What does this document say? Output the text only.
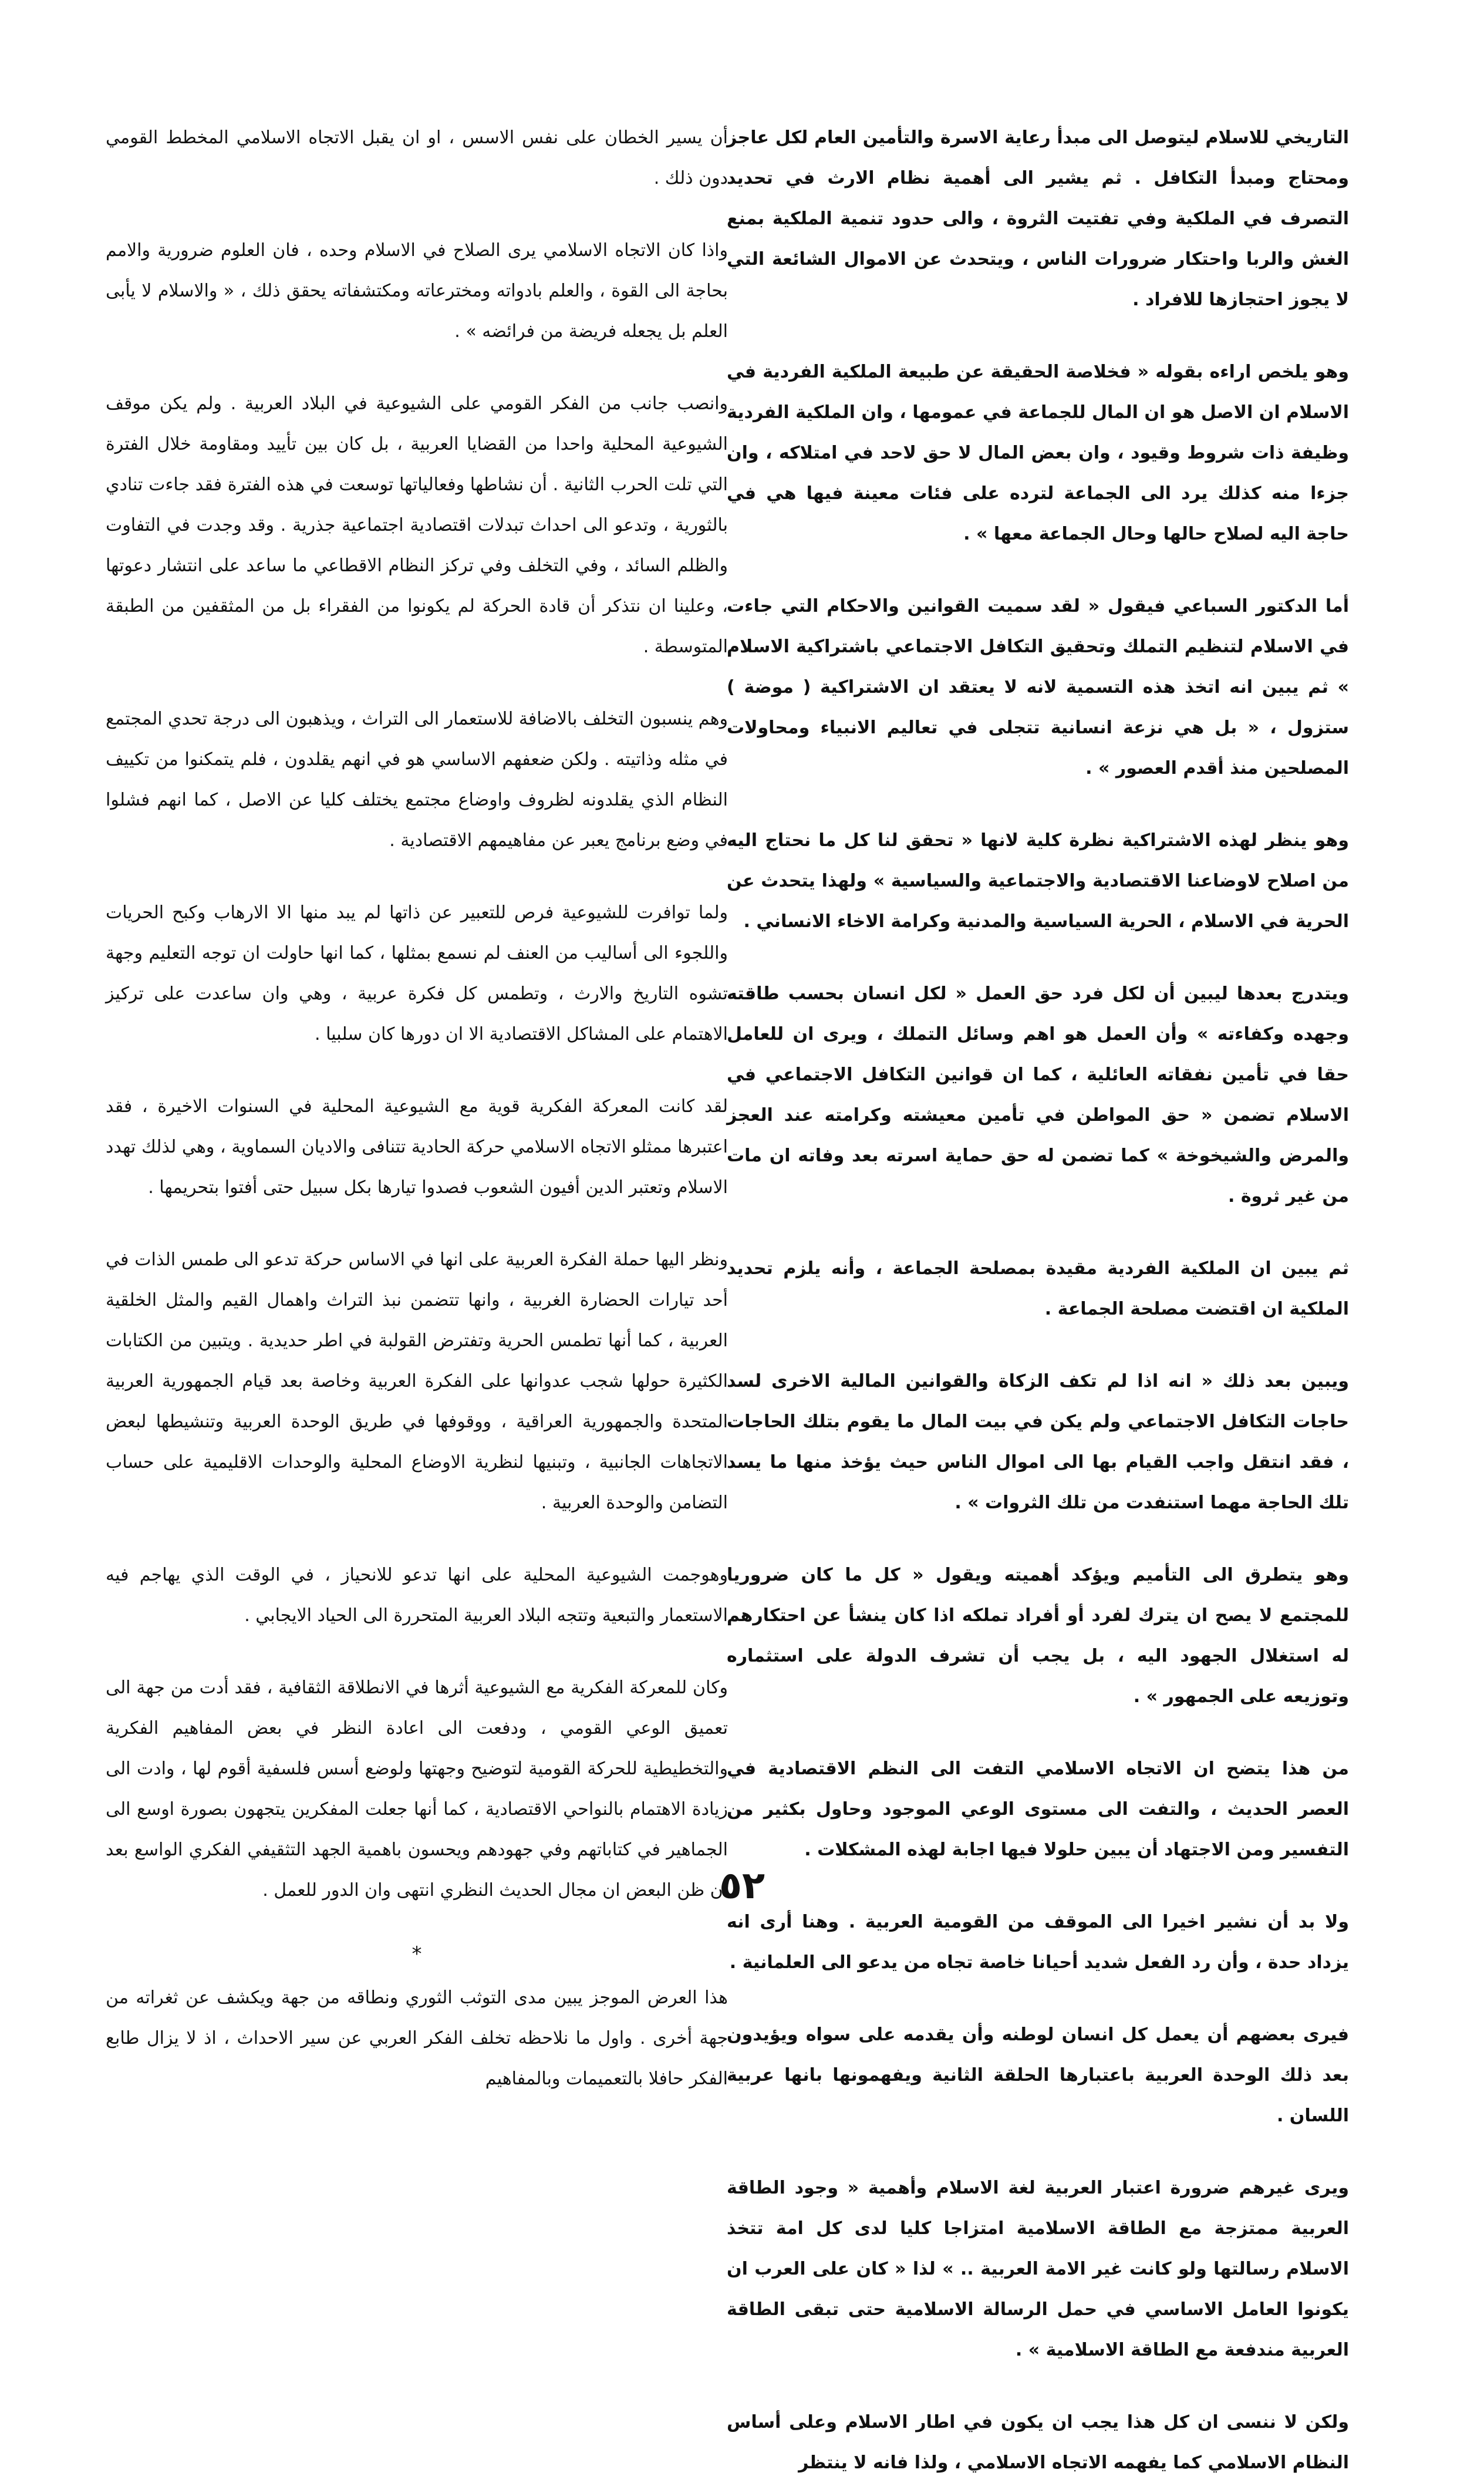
التاريخي للاسلام ليتوصل الى مبدأ رعاية الاسرة والتأمين العام لكل عاجز ومحتاج ومبدأ التكافل . ثم يشير الى أهمية نظام الارث في تحديد التصرف في الملكية وفي تفتيت الثروة ، والى حدود تنمية الملكية بمنع الغش والربا واحتكار ضرورات الناس ، ويتحدث عن الاموال الشائعة التي لا يجوز احتجازها للافراد .

وهو يلخص اراءه بقوله « فخلاصة الحقيقة عن طبيعة الملكية الفردية في الاسلام ان الاصل هو ان المال للجماعة في عمومها ، وان الملكية الفردية وظيفة ذات شروط وقيود ، وان بعض المال لا حق لاحد في امتلاكه ، وان جزءا منه كذلك يرد الى الجماعة لترده على فئات معينة فيها هي في حاجة اليه لصلاح حالها وحال الجماعة معها » .

أما الدكتور السباعي فيقول « لقد سميت القوانين والاحكام التي جاءت في الاسلام لتنظيم التملك وتحقيق التكافل الاجتماعي باشتراكية الاسلام » ثم يبين انه اتخذ هذه التسمية لانه لا يعتقد ان الاشتراكية ( موضة ) ستزول ، « بل هي نزعة انسانية تتجلى في تعاليم الانبياء ومحاولات المصلحين منذ أقدم العصور » .

وهو ينظر لهذه الاشتراكية نظرة كلية لانها « تحقق لنا كل ما نحتاج اليه من اصلاح لاوضاعنا الاقتصادية والاجتماعية والسياسية » ولهذا يتحدث عن الحرية في الاسلام ، الحرية السياسية والمدنية وكرامة الاخاء الانساني .

ويتدرج بعدها ليبين أن لكل فرد حق العمل « لكل انسان بحسب طاقته وجهده وكفاءته » وأن العمل هو اهم وسائل التملك ، ويرى ان للعامل حقا في تأمين نفقاته العائلية ، كما ان قوانين التكافل الاجتماعي في الاسلام تضمن « حق المواطن في تأمين معيشته وكرامته عند العجز والمرض والشيخوخة » كما تضمن له حق حماية اسرته بعد وفاته ان مات من غير ثروة .

ثم يبين ان الملكية الفردية مقيدة بمصلحة الجماعة ، وأنه يلزم تحديد الملكية ان اقتضت مصلحة الجماعة .

ويبين بعد ذلك « انه اذا لم تكف الزكاة والقوانين المالية الاخرى لسد حاجات التكافل الاجتماعي ولم يكن في بيت المال ما يقوم بتلك الحاجات ، فقد انتقل واجب القيام بها الى اموال الناس حيث يؤخذ منها ما يسد تلك الحاجة مهما استنفدت من تلك الثروات » .

وهو يتطرق الى التأميم ويؤكد أهميته ويقول « كل ما كان ضروريا للمجتمع لا يصح ان يترك لفرد أو أفراد تملكه اذا كان ينشأ عن احتكارهم له استغلال الجهود اليه ، بل يجب أن تشرف الدولة على استثماره وتوزيعه على الجمهور » .

من هذا يتضح ان الاتجاه الاسلامي التفت الى النظم الاقتصادية في العصر الحديث ، والتفت الى مستوى الوعي الموجود وحاول بكثير من التفسير ومن الاجتهاد أن يبين حلولا فيها اجابة لهذه المشكلات .

ولا بد أن نشير اخيرا الى الموقف من القومية العربية . وهنا أرى انه يزداد حدة ، وأن رد الفعل شديد أحيانا خاصة تجاه من يدعو الى العلمانية .

فيرى بعضهم أن يعمل كل انسان لوطنه وأن يقدمه على سواه ويؤيدون بعد ذلك الوحدة العربية باعتبارها الحلقة الثانية ويفهمونها بانها عربية اللسان .

ويرى غيرهم ضرورة اعتبار العربية لغة الاسلام وأهمية « وجود الطاقة العربية ممتزجة مع الطاقة الاسلامية امتزاجا كليا لدى كل امة تتخذ الاسلام رسالتها ولو كانت غير الامة العربية .. » لذا « كان على العرب ان يكونوا العامل الاساسي في حمل الرسالة الاسلامية حتى تبقى الطاقة العربية مندفعة مع الطاقة الاسلامية » .

ولكن لا ننسى ان كل هذا يجب ان يكون في اطار الاسلام وعلى أساس النظام الاسلامي كما يفهمه الاتجاه الاسلامي ، ولذا فانه لا ينتظر

أن يسير الخطان على نفس الاسس ، او ان يقبل الاتجاه الاسلامي المخطط القومي دون ذلك .

واذا كان الاتجاه الاسلامي يرى الصلاح في الاسلام وحده ، فان العلوم ضرورية والامم بحاجة الى القوة ، والعلم بادواته ومخترعاته ومكتشفاته يحقق ذلك ، « والاسلام لا يأبى العلم بل يجعله فريضة من فرائضه » .

وانصب جانب من الفكر القومي على الشيوعية في البلاد العربية . ولم يكن موقف الشيوعية المحلية واحدا من القضايا العربية ، بل كان بين تأييد ومقاومة خلال الفترة التي تلت الحرب الثانية . أن نشاطها وفعالياتها توسعت في هذه الفترة فقد جاءت تنادي بالثورية ، وتدعو الى احداث تبدلات اقتصادية اجتماعية جذرية . وقد وجدت في التفاوت والظلم السائد ، وفي التخلف وفي تركز النظام الاقطاعي ما ساعد على انتشار دعوتها ، وعلينا ان نتذكر أن قادة الحركة لم يكونوا من الفقراء بل من المثقفين من الطبقة المتوسطة .

وهم ينسبون التخلف بالاضافة للاستعمار الى التراث ، ويذهبون الى درجة تحدي المجتمع في مثله وذاتيته . ولكن ضعفهم الاساسي هو في انهم يقلدون ، فلم يتمكنوا من تكييف النظام الذي يقلدونه لظروف واوضاع مجتمع يختلف كليا عن الاصل ، كما انهم فشلوا في وضع برنامج يعبر عن مفاهيمهم الاقتصادية .

ولما توافرت للشيوعية فرص للتعبير عن ذاتها لم يبد منها الا الارهاب وكبح الحريات واللجوء الى أساليب من العنف لم نسمع بمثلها ، كما انها حاولت ان توجه التعليم وجهة تشوه التاريخ والارث ، وتطمس كل فكرة عربية ، وهي وان ساعدت على تركيز الاهتمام على المشاكل الاقتصادية الا ان دورها كان سلبيا .

لقد كانت المعركة الفكرية قوية مع الشيوعية المحلية في السنوات الاخيرة ، فقد اعتبرها ممثلو الاتجاه الاسلامي حركة الحادية تتنافى والاديان السماوية ، وهي لذلك تهدد الاسلام وتعتبر الدين أفيون الشعوب فصدوا تيارها بكل سبيل حتى أفتوا بتحريمها .

ونظر اليها حملة الفكرة العربية على انها في الاساس حركة تدعو الى طمس الذات في أحد تيارات الحضارة الغربية ، وانها تتضمن نبذ التراث واهمال القيم والمثل الخلقية العربية ، كما أنها تطمس الحرية وتفترض القولبة في اطر حديدية . ويتبين من الكتابات الكثيرة حولها شجب عدوانها على الفكرة العربية وخاصة بعد قيام الجمهورية العربية المتحدة والجمهورية العراقية ، ووقوفها في طريق الوحدة العربية وتنشيطها لبعض الاتجاهات الجانبية ، وتبنيها لنظرية الاوضاع المحلية والوحدات الاقليمية على حساب التضامن والوحدة العربية .

وهوجمت الشيوعية المحلية على انها تدعو للانحياز ، في الوقت الذي يهاجم فيه الاستعمار والتبعية وتتجه البلاد العربية المتحررة الى الحياد الايجابي .

وكان للمعركة الفكرية مع الشيوعية أثرها في الانطلاقة الثقافية ، فقد أدت من جهة الى تعميق الوعي القومي ، ودفعت الى اعادة النظر في بعض المفاهيم الفكرية والتخطيطية للحركة القومية لتوضيح وجهتها ولوضع أسس فلسفية أقوم لها ، وادت الى زيادة الاهتمام بالنواحي الاقتصادية ، كما أنها جعلت المفكرين يتجهون بصورة اوسع الى الجماهير في كتاباتهم وفي جهودهم ويحسون باهمية الجهد التثقيفي الفكري الواسع بعد ان ظن البعض ان مجال الحديث النظري انتهى وان الدور للعمل .

*

هذا العرض الموجز يبين مدى التوثب الثوري ونطاقه من جهة ويكشف عن ثغراته من جهة أخرى . واول ما نلاحظه تخلف الفكر العربي عن سير الاحداث ، اذ لا يزال طابع الفكر حافلا بالتعميمات وبالمفاهيم

٥٢
